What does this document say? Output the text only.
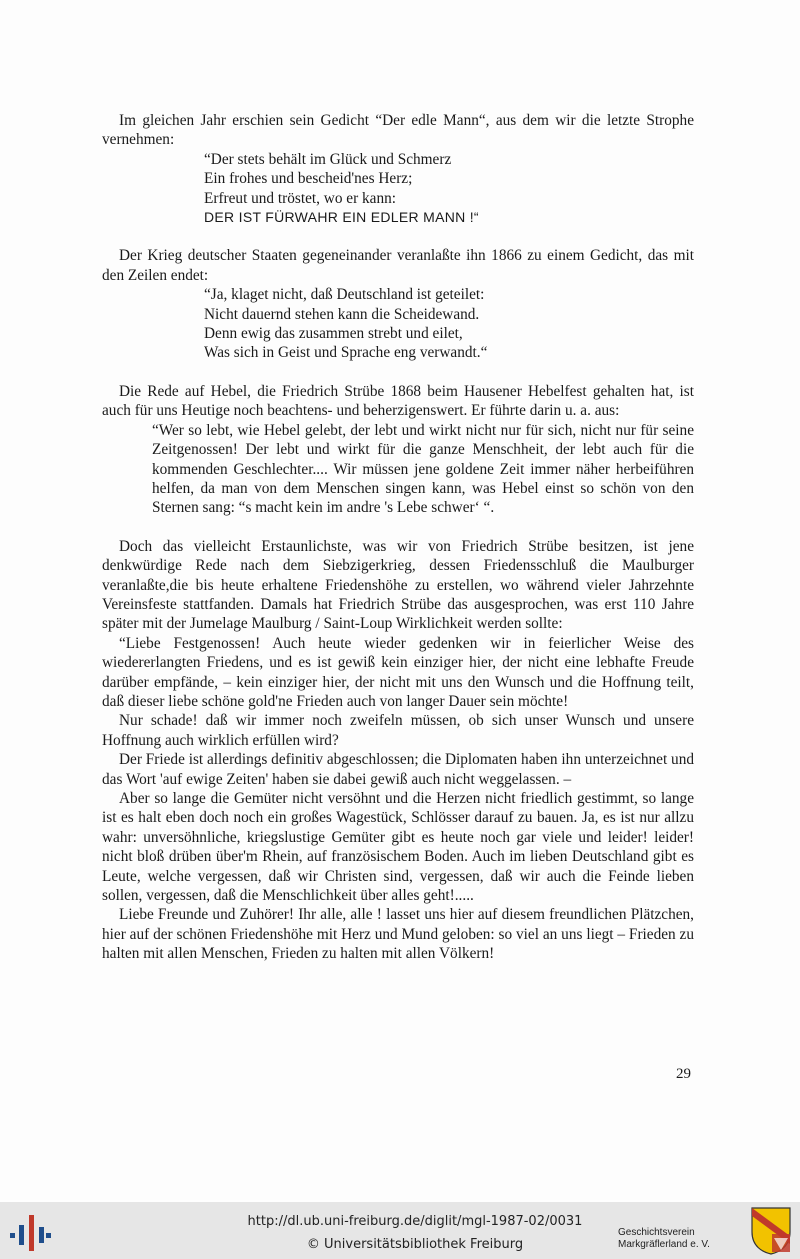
Im gleichen Jahr erschien sein Gedicht “Der edle Mann“, aus dem wir die letzte Strophe vernehmen:

“Der stets behält im Glück und Schmerz
Ein frohes und bescheid'nes Herz;
Erfreut und tröstet, wo er kann:
DER IST FÜRWAHR EIN EDLER MANN !“

Der Krieg deutscher Staaten gegeneinander veranlaßte ihn 1866 zu einem Gedicht, das mit den Zeilen endet:

“Ja, klaget nicht, daß Deutschland ist geteilet:
Nicht dauernd stehen kann die Scheidewand.
Denn ewig das zusammen strebt und eilet,
Was sich in Geist und Sprache eng verwandt.“

Die Rede auf Hebel, die Friedrich Strübe 1868 beim Hausener Hebelfest gehalten hat, ist auch für uns Heutige noch beachtens- und beherzigenswert. Er führte darin u. a. aus:

“Wer so lebt, wie Hebel gelebt, der lebt und wirkt nicht nur für sich, nicht nur für seine Zeitgenossen! Der lebt und wirkt für die ganze Menschheit, der lebt auch für die kommenden Geschlechter.... Wir müssen jene goldene Zeit immer näher herbeiführen helfen, da man von dem Menschen singen kann, was Hebel einst so schön von den Sternen sang: “s macht kein im andre 's Lebe schwer‘ “.

Doch das vielleicht Erstaunlichste, was wir von Friedrich Strübe besitzen, ist jene denkwürdige Rede nach dem Siebzigerkrieg, dessen Friedensschluß die Maulburger veranlaßte,die bis heute erhaltene Friedenshöhe zu erstellen, wo während vieler Jahrzehnte Vereinsfeste stattfanden. Damals hat Friedrich Strübe das ausgesprochen, was erst 110 Jahre später mit der Jumelage Maulburg / Saint-Loup Wirklichkeit werden sollte:

“Liebe Festgenossen! Auch heute wieder gedenken wir in feierlicher Weise des wiedererlangten Friedens, und es ist gewiß kein einziger hier, der nicht eine lebhafte Freude darüber empfände, – kein einziger hier, der nicht mit uns den Wunsch und die Hoffnung teilt, daß dieser liebe schöne gold'ne Frieden auch von langer Dauer sein möchte!

Nur schade! daß wir immer noch zweifeln müssen, ob sich unser Wunsch und unsere Hoffnung auch wirklich erfüllen wird?

Der Friede ist allerdings definitiv abgeschlossen; die Diplomaten haben ihn unterzeichnet und das Wort 'auf ewige Zeiten' haben sie dabei gewiß auch nicht weggelassen. –

Aber so lange die Gemüter nicht versöhnt und die Herzen nicht friedlich gestimmt, so lange ist es halt eben doch noch ein großes Wagestück, Schlösser darauf zu bauen. Ja, es ist nur allzu wahr: unversöhnliche, kriegslustige Gemüter gibt es heute noch gar viele und leider! leider! nicht bloß drüben über'm Rhein, auf französischem Boden. Auch im lieben Deutschland gibt es Leute, welche vergessen, daß wir Christen sind, vergessen, daß wir auch die Feinde lieben sollen, vergessen, daß die Menschlichkeit über alles geht!.....

Liebe Freunde und Zuhörer! Ihr alle, alle ! lasset uns hier auf diesem freundlichen Plätzchen, hier auf der schönen Friedenshöhe mit Herz und Mund geloben: so viel an uns liegt – Frieden zu halten mit allen Menschen, Frieden zu halten mit allen Völkern!

29
http://dl.ub.uni-freiburg.de/diglit/mgl-1987-02/0031
© Universitätsbibliothek Freiburg
Geschichtsverein
Markgräflerland e. V.
